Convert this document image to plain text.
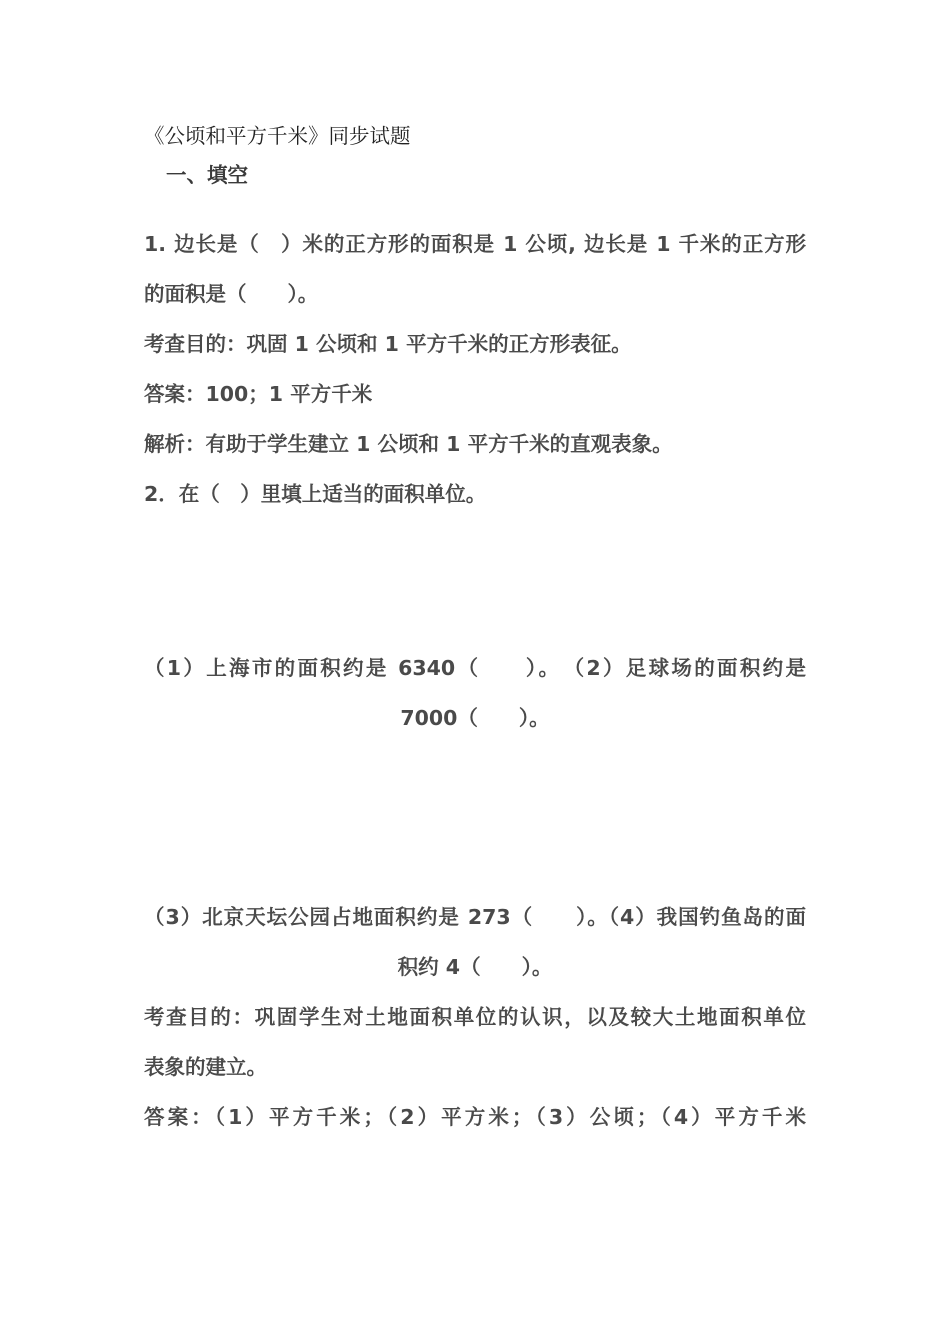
《公顷和平方千米》同步试题
一、填空
1. 边长是（　）米的正方形的面积是 1 公顷, 边长是 1 千米的正方形
的面积是（　　）。
考查目的：巩固 1 公顷和 1 平方千米的正方形表征。
答案：100；1 平方千米
解析：有助于学生建立 1 公顷和 1 平方千米的直观表象。
2．在（　）里填上适当的面积单位。
（1）上海市的面积约是 6340（　　）。　（2）足球场的面积约是
7000（　　）。
（3）北京天坛公园占地面积约是 273（　　）。（4）我国钓鱼岛的面
积约 4（　　）。
考查目的：巩固学生对土地面积单位的认识，以及较大土地面积单位
表象的建立。
答案：（1）平方千米；（2）平方米；（3）公顷；（4）平方千米
